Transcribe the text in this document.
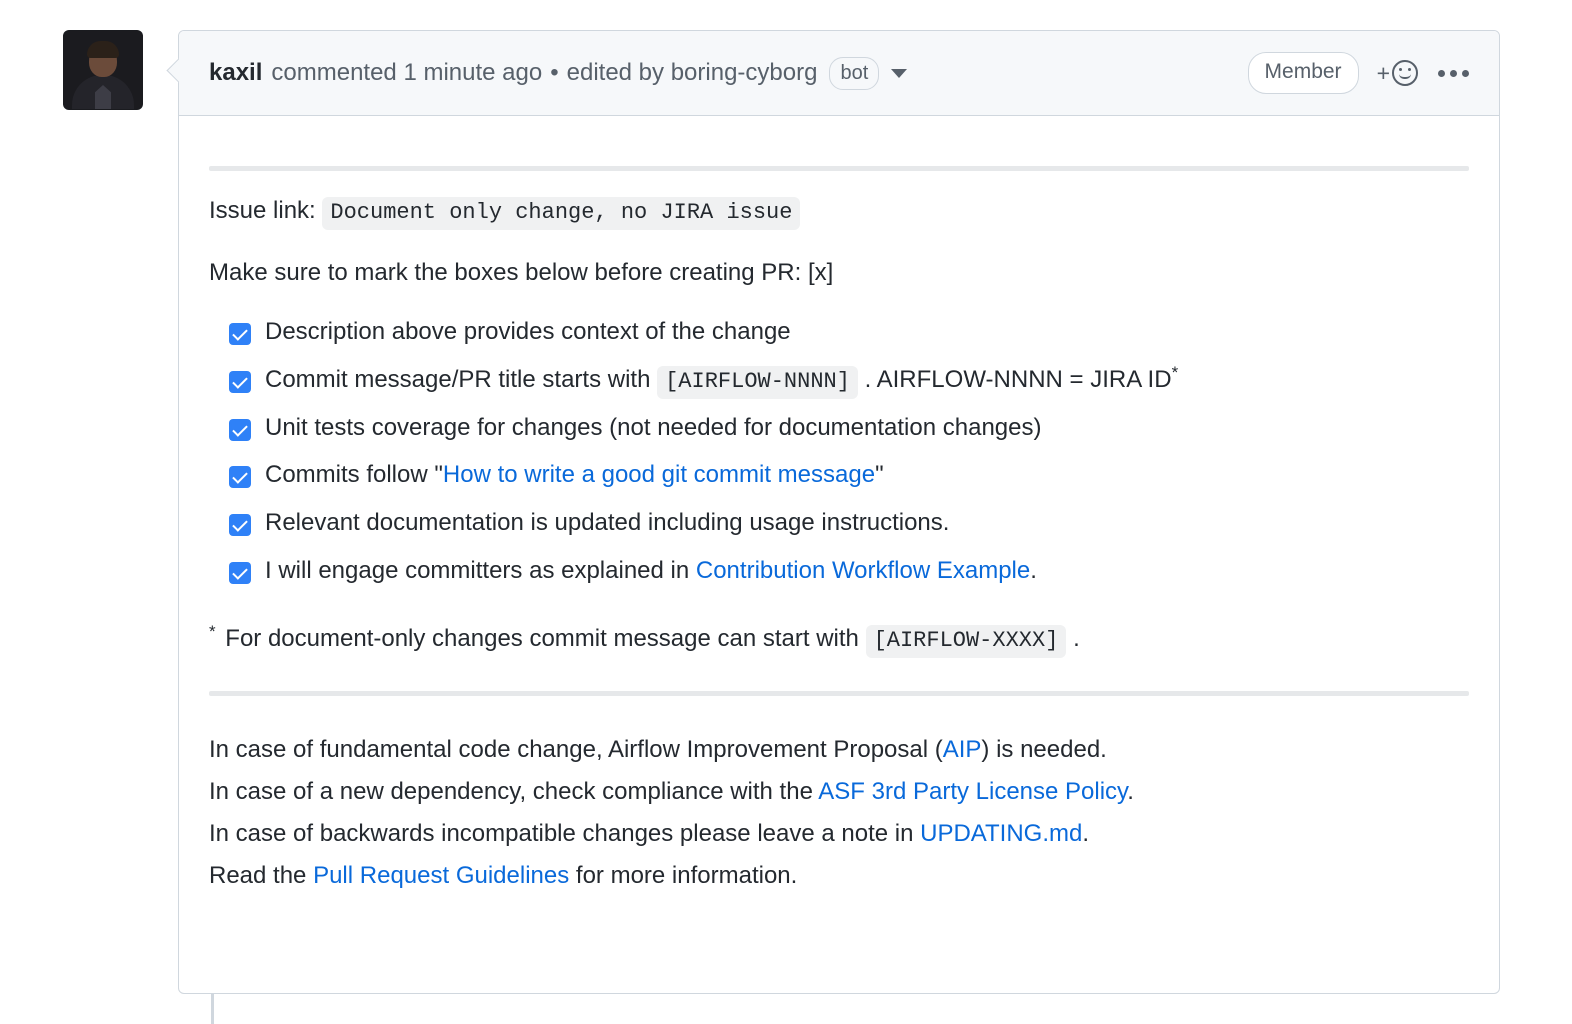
kaxil commented 1 minute ago • edited by boring-cyborg	bot	Member	+

Issue link: Document only change, no JIRA issue

Make sure to mark the boxes below before creating PR: [x]

Description above provides context of the change
Commit message/PR title starts with [AIRFLOW-NNNN] . AIRFLOW-NNNN = JIRA ID*
Unit tests coverage for changes (not needed for documentation changes)
Commits follow "How to write a good git commit message"
Relevant documentation is updated including usage instructions.
I will engage committers as explained in Contribution Workflow Example.

* For document-only changes commit message can start with [AIRFLOW-XXXX] .

In case of fundamental code change, Airflow Improvement Proposal (AIP) is needed.

In case of a new dependency, check compliance with the ASF 3rd Party License Policy.

In case of backwards incompatible changes please leave a note in UPDATING.md.

Read the Pull Request Guidelines for more information.
